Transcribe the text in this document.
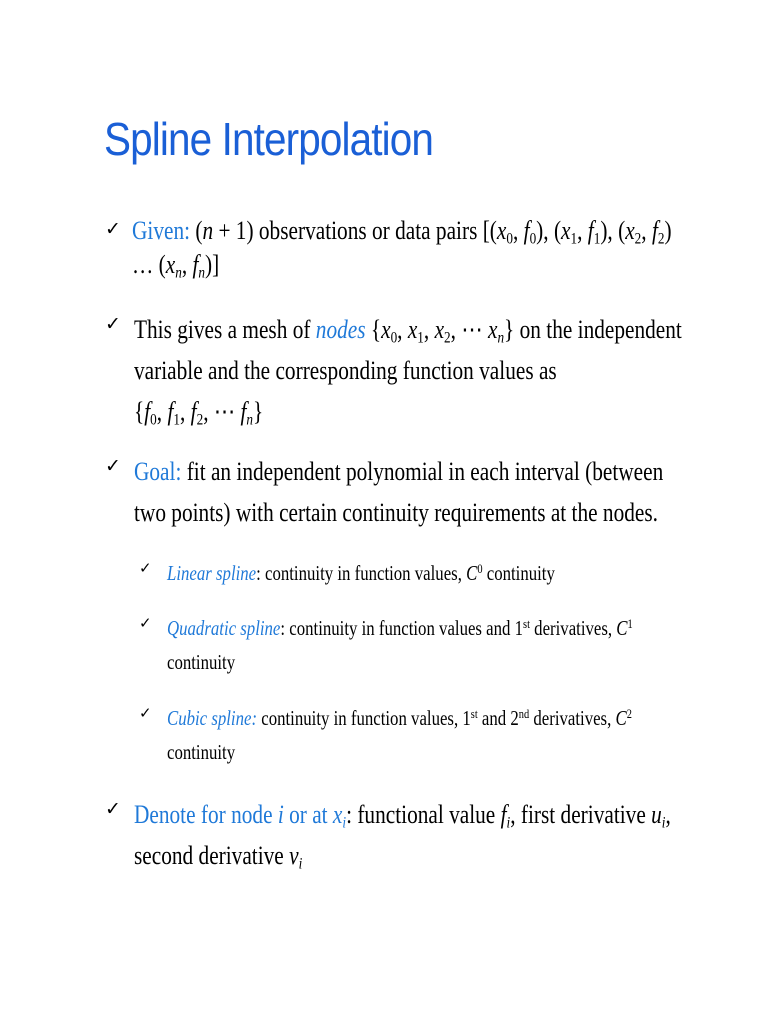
Spline Interpolation
✓ Given: (n + 1) observations or data pairs [($x_0$, $f_0$), ($x_1$, $f_1$), ($x_2$, $f_2$)
… ($x_n$, $f_n$)]
✓ This gives a mesh of nodes {$x_0$, $x_1$, $x_2$, ⋯ $x_n$} on the independent
variable and the corresponding function values as
{$f_0$, $f_1$, $f_2$, ⋯ $f_n$}
✓ Goal: fit an independent polynomial in each interval (between
two points) with certain continuity requirements at the nodes.
✓ Linear spline: continuity in function values, $C^0$ continuity
✓ Quadratic spline: continuity in function values and 1st derivatives, $C^1$
continuity
✓ Cubic spline: continuity in function values, 1st and 2nd derivatives, $C^2$
continuity
✓ Denote for node i or at $x_i$: functional value $f_i$, first derivative $u_i$,
second derivative $v_i$
